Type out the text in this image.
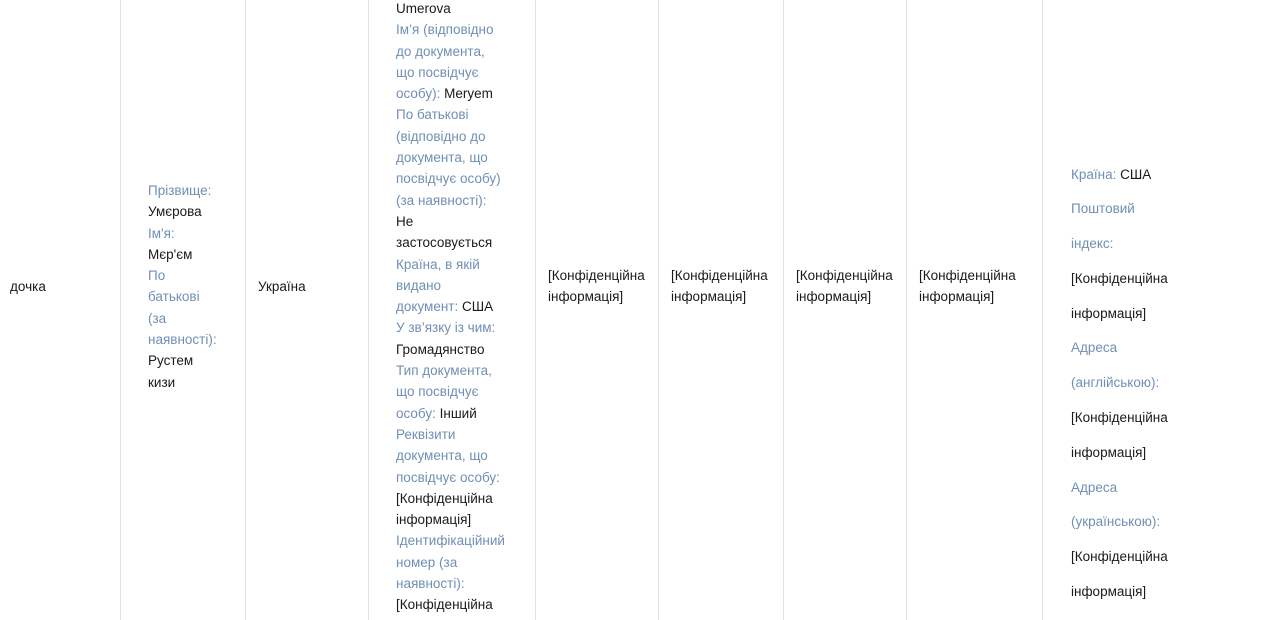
дочка

Прізвище:

Умєрова

Ім'я:

Мєр'єм

По

батькові

(за

наявності):

Рустем

кизи

Україна

Umerova

Ім’я (відповідно

до документа,

що посвідчує

особу): Meryem

По батькові

(відповідно до

документа, що

посвідчує особу)

(за наявності):

Не

застосовується

Країна, в якій

видано

документ: США

У зв’язку із чим:

Громадянство

Тип документа,

що посвідчує

особу: Інший

Реквізити

документа, що

посвідчує особу:

[Конфіденційна

інформація]

Ідентифікаційний

номер (за

наявності):

[Конфіденційна

[Конфіденційна

інформація]

[Конфіденційна

інформація]

[Конфіденційна

інформація]

[Конфіденційна

інформація]

Країна: США

Поштовий

індекс:

[Конфіденційна

інформація]

Адреса

(англійською):

[Конфіденційна

інформація]

Адреса

(українською):

[Конфіденційна

інформація]
